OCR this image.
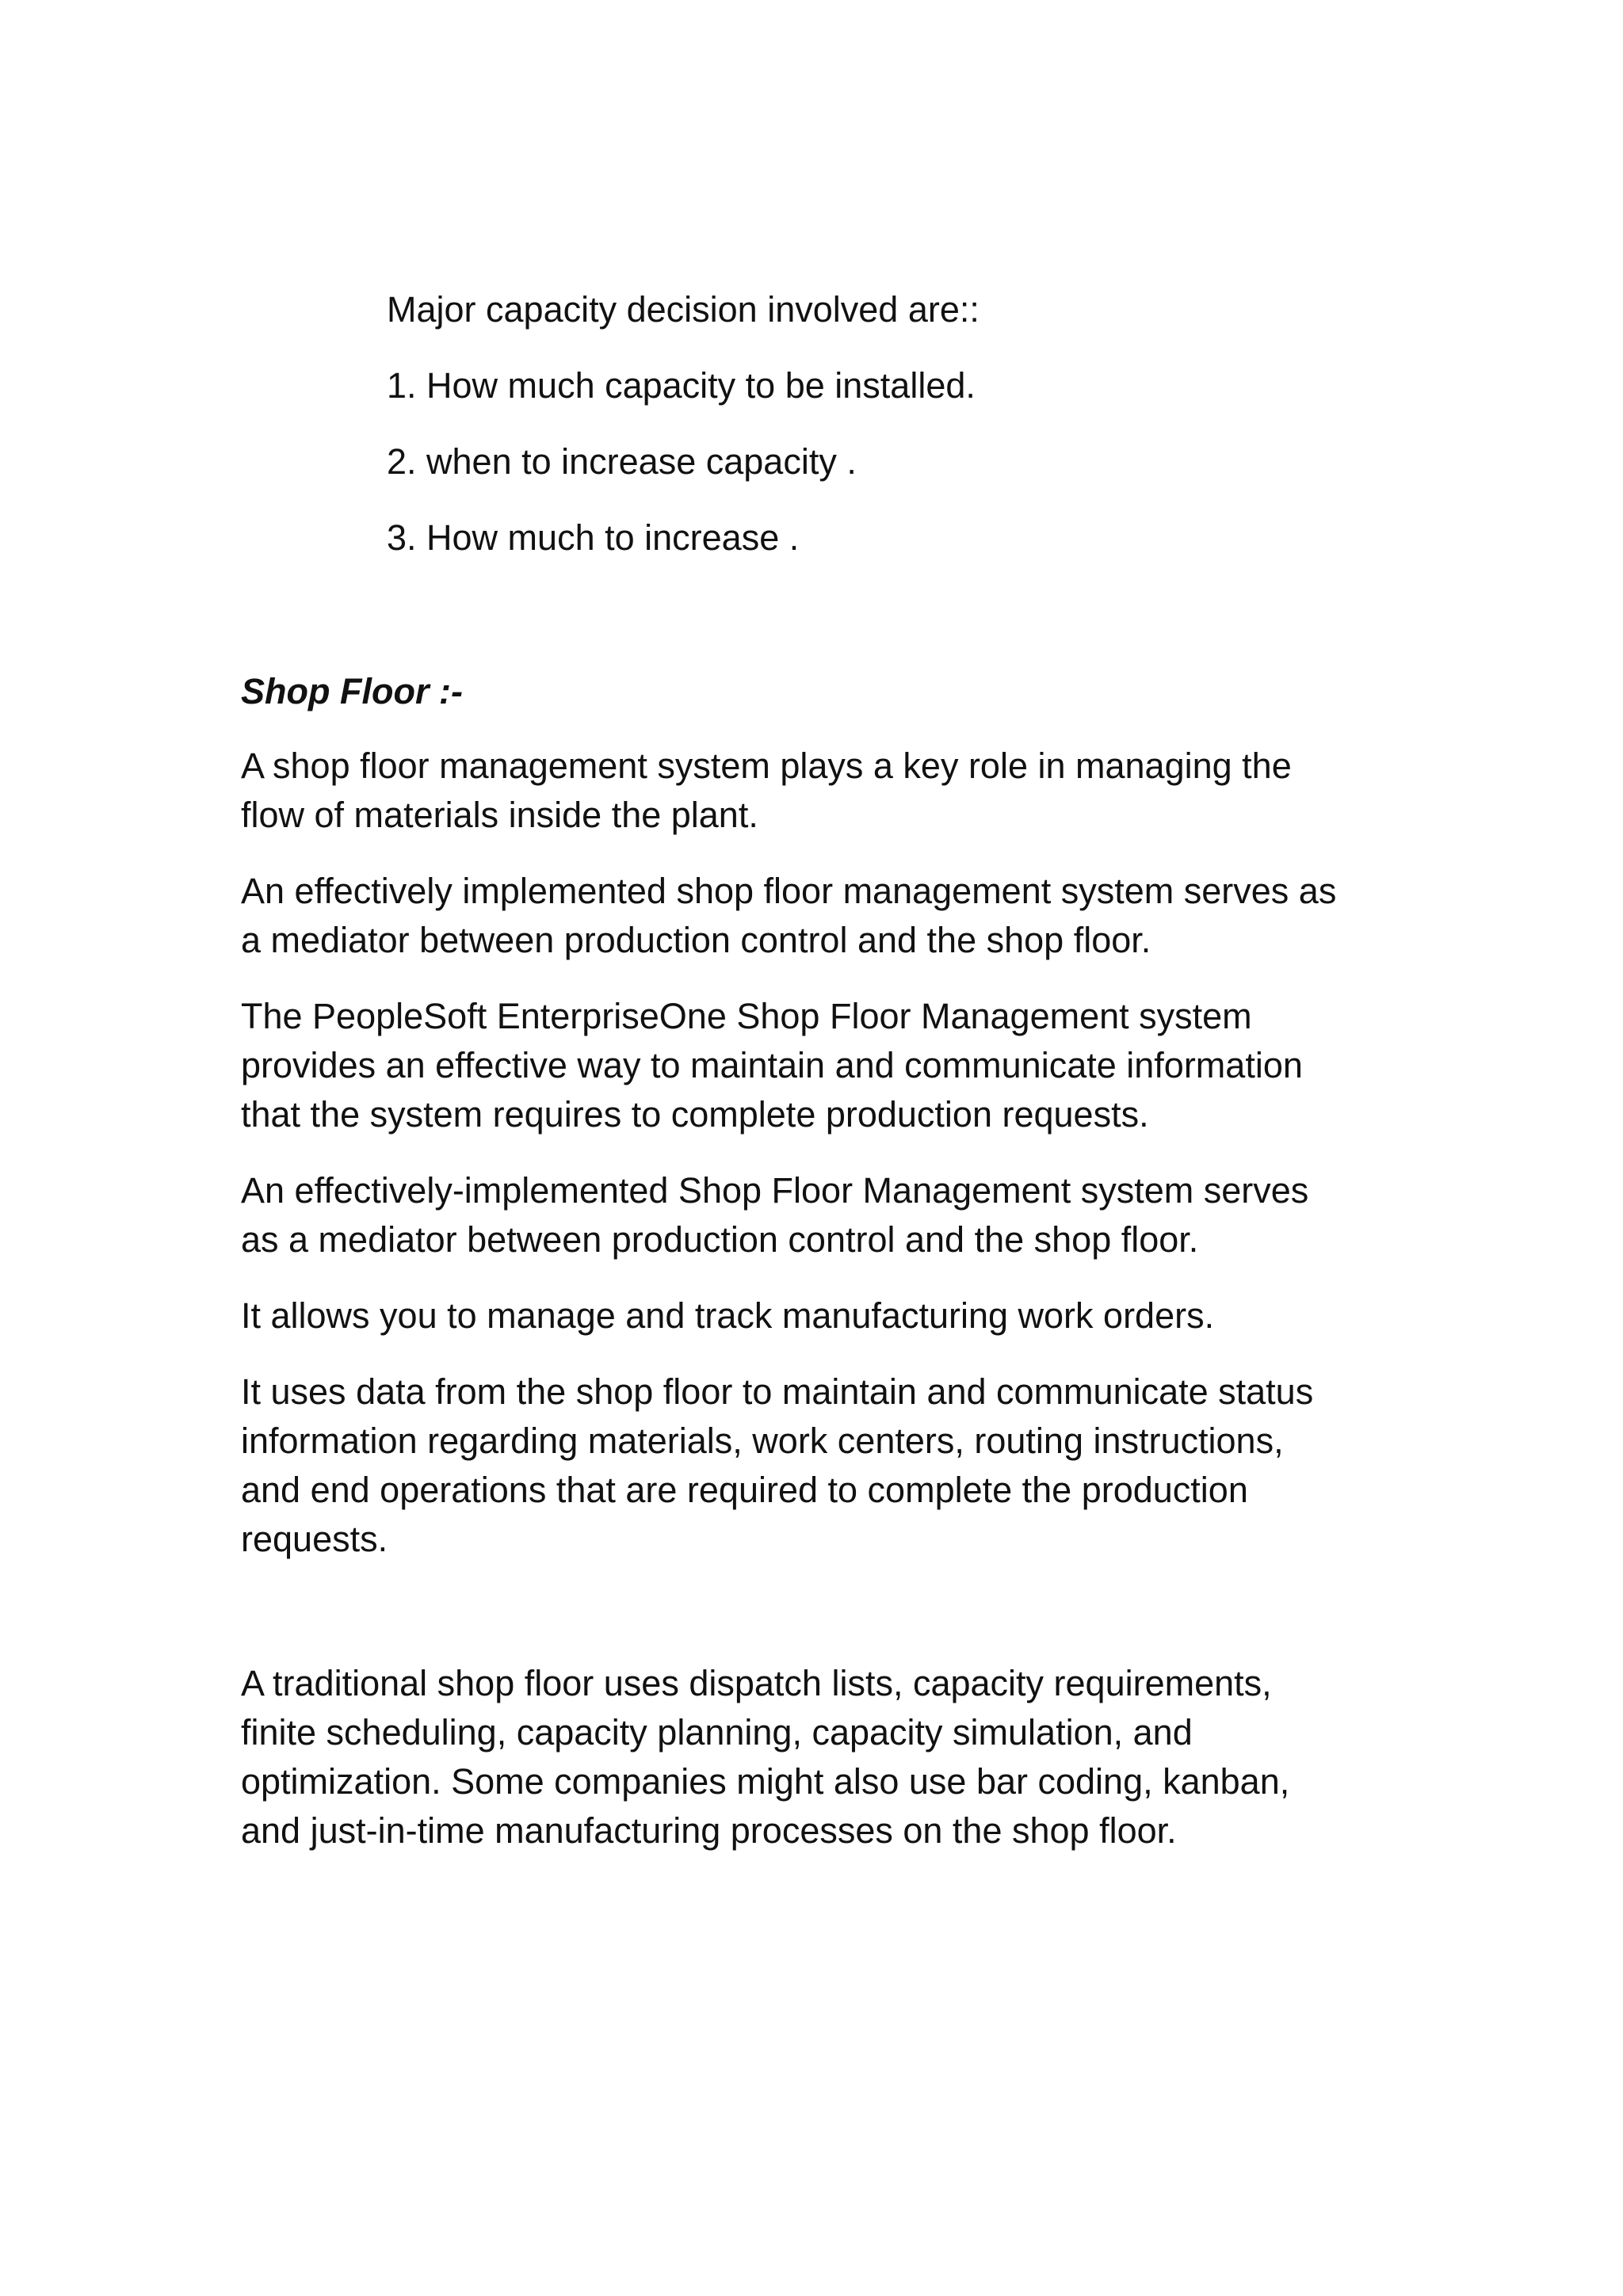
Major capacity decision involved are::

1. How much capacity to be installed.

2. when to increase capacity .

3. How much to increase .

Shop Floor :-

A shop floor management system plays a key role in managing the
flow of materials inside the plant.

An effectively implemented shop floor management system serves as
a mediator between production control and the shop floor.

The PeopleSoft EnterpriseOne Shop Floor Management system
provides an effective way to maintain and communicate information
that the system requires to complete production requests.

An effectively-implemented Shop Floor Management system serves
as a mediator between production control and the shop floor.

It allows you to manage and track manufacturing work orders.

It uses data from the shop floor to maintain and communicate status
information regarding materials, work centers, routing instructions,
and end operations that are required to complete the production
requests.

A traditional shop floor uses dispatch lists, capacity requirements,
finite scheduling, capacity planning, capacity simulation, and
optimization. Some companies might also use bar coding, kanban,
and just-in-time manufacturing processes on the shop floor.
